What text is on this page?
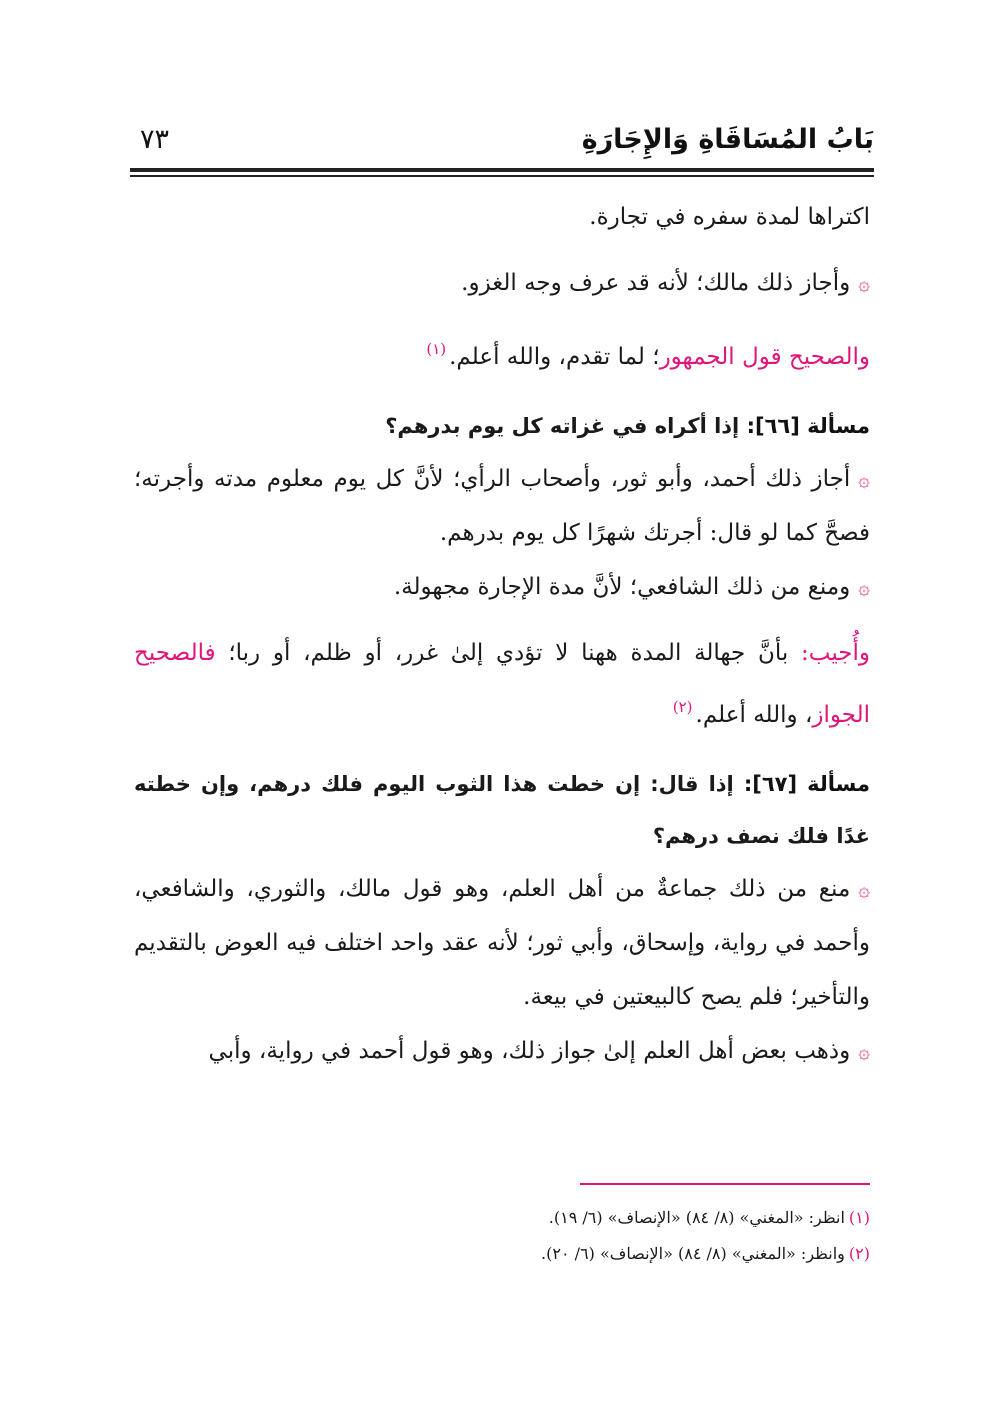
بَابُ المُسَاقَاةِ وَالإِجَارَةِ
٧٣

اكتراها لمدة سفره في تجارة.

۞وأجاز ذلك مالك؛ لأنه قد عرف وجه الغزو.

والصحيح قول الجمهور؛ لما تقدم، والله أعلم.$^{(١)}$

مسألة [٦٦]: إذا أكراه في غزاته كل يوم بدرهم؟

۞أجاز ذلك أحمد، وأبو ثور، وأصحاب الرأي؛ لأنَّ كل يوم معلوم مدته وأجرته؛ فصحَّ كما لو قال: أجرتك شهرًا كل يوم بدرهم.

۞ومنع من ذلك الشافعي؛ لأنَّ مدة الإجارة مجهولة.

وأُجيب: بأنَّ جهالة المدة ههنا لا تؤدي إلىٰ غرر، أو ظلم، أو ربا؛ فالصحيح الجواز، والله أعلم.$^{(٢)}$

مسألة [٦٧]: إذا قال: إن خطت هذا الثوب اليوم فلك درهم، وإن خطته غدًا فلك نصف درهم؟

۞منع من ذلك جماعةٌ من أهل العلم، وهو قول مالك، والثوري، والشافعي، وأحمد في رواية، وإسحاق، وأبي ثور؛ لأنه عقد واحد اختلف فيه العوض بالتقديم والتأخير؛ فلم يصح كالبيعتين في بيعة.

۞وذهب بعض أهل العلم إلىٰ جواز ذلك، وهو قول أحمد في رواية، وأبي

(١)انظر: «المغني» (٨/ ٨٤) «الإنصاف» (٦/ ١٩).
(٢)وانظر: «المغني» (٨/ ٨٤) «الإنصاف» (٦/ ٢٠).
